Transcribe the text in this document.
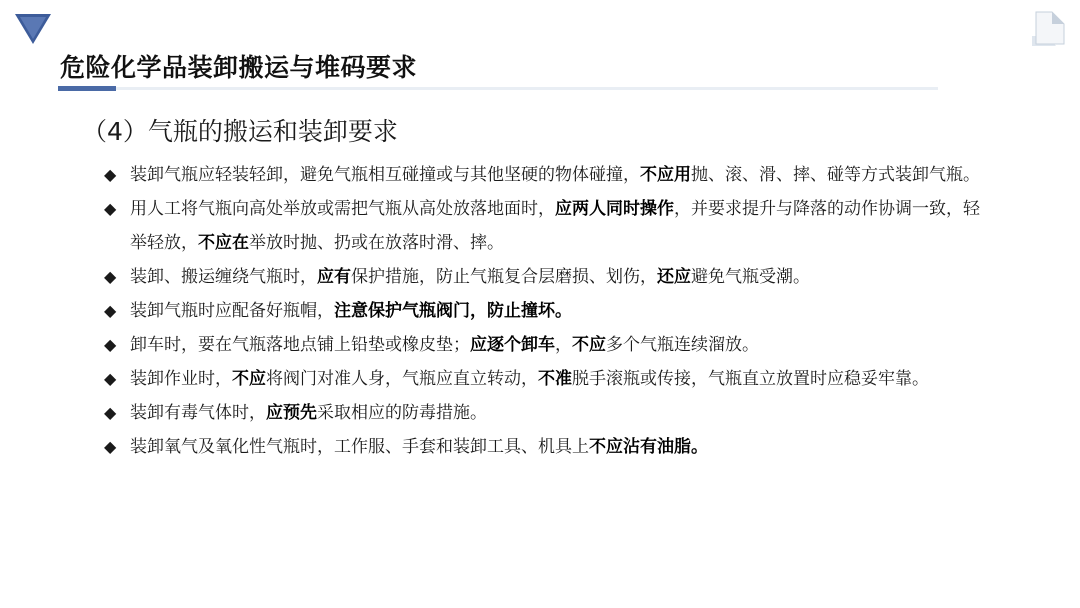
危险化学品装卸搬运与堆码要求
（4）气瓶的搬运和装卸要求
◆ 装卸气瓶应轻装轻卸，避免气瓶相互碰撞或与其他坚硬的物体碰撞，不应用抛、滚、滑、摔、碰等方式装卸气瓶。
◆ 用人工将气瓶向高处举放或需把气瓶从高处放落地面时，应两人同时操作，并要求提升与降落的动作协调一致，轻举轻放，不应在举放时抛、扔或在放落时滑、摔。
◆ 装卸、搬运缠绕气瓶时，应有保护措施，防止气瓶复合层磨损、划伤，还应避免气瓶受潮。
◆ 装卸气瓶时应配备好瓶帽，注意保护气瓶阀门，防止撞坏。
◆ 卸车时，要在气瓶落地点铺上铅垫或橡皮垫；应逐个卸车，不应多个气瓶连续溜放。
◆ 装卸作业时，不应将阀门对准人身，气瓶应直立转动，不准脱手滚瓶或传接，气瓶直立放置时应稳妥牢靠。
◆ 装卸有毒气体时，应预先采取相应的防毒措施。
◆ 装卸氧气及氧化性气瓶时，工作服、手套和装卸工具、机具上不应沾有油脂。
